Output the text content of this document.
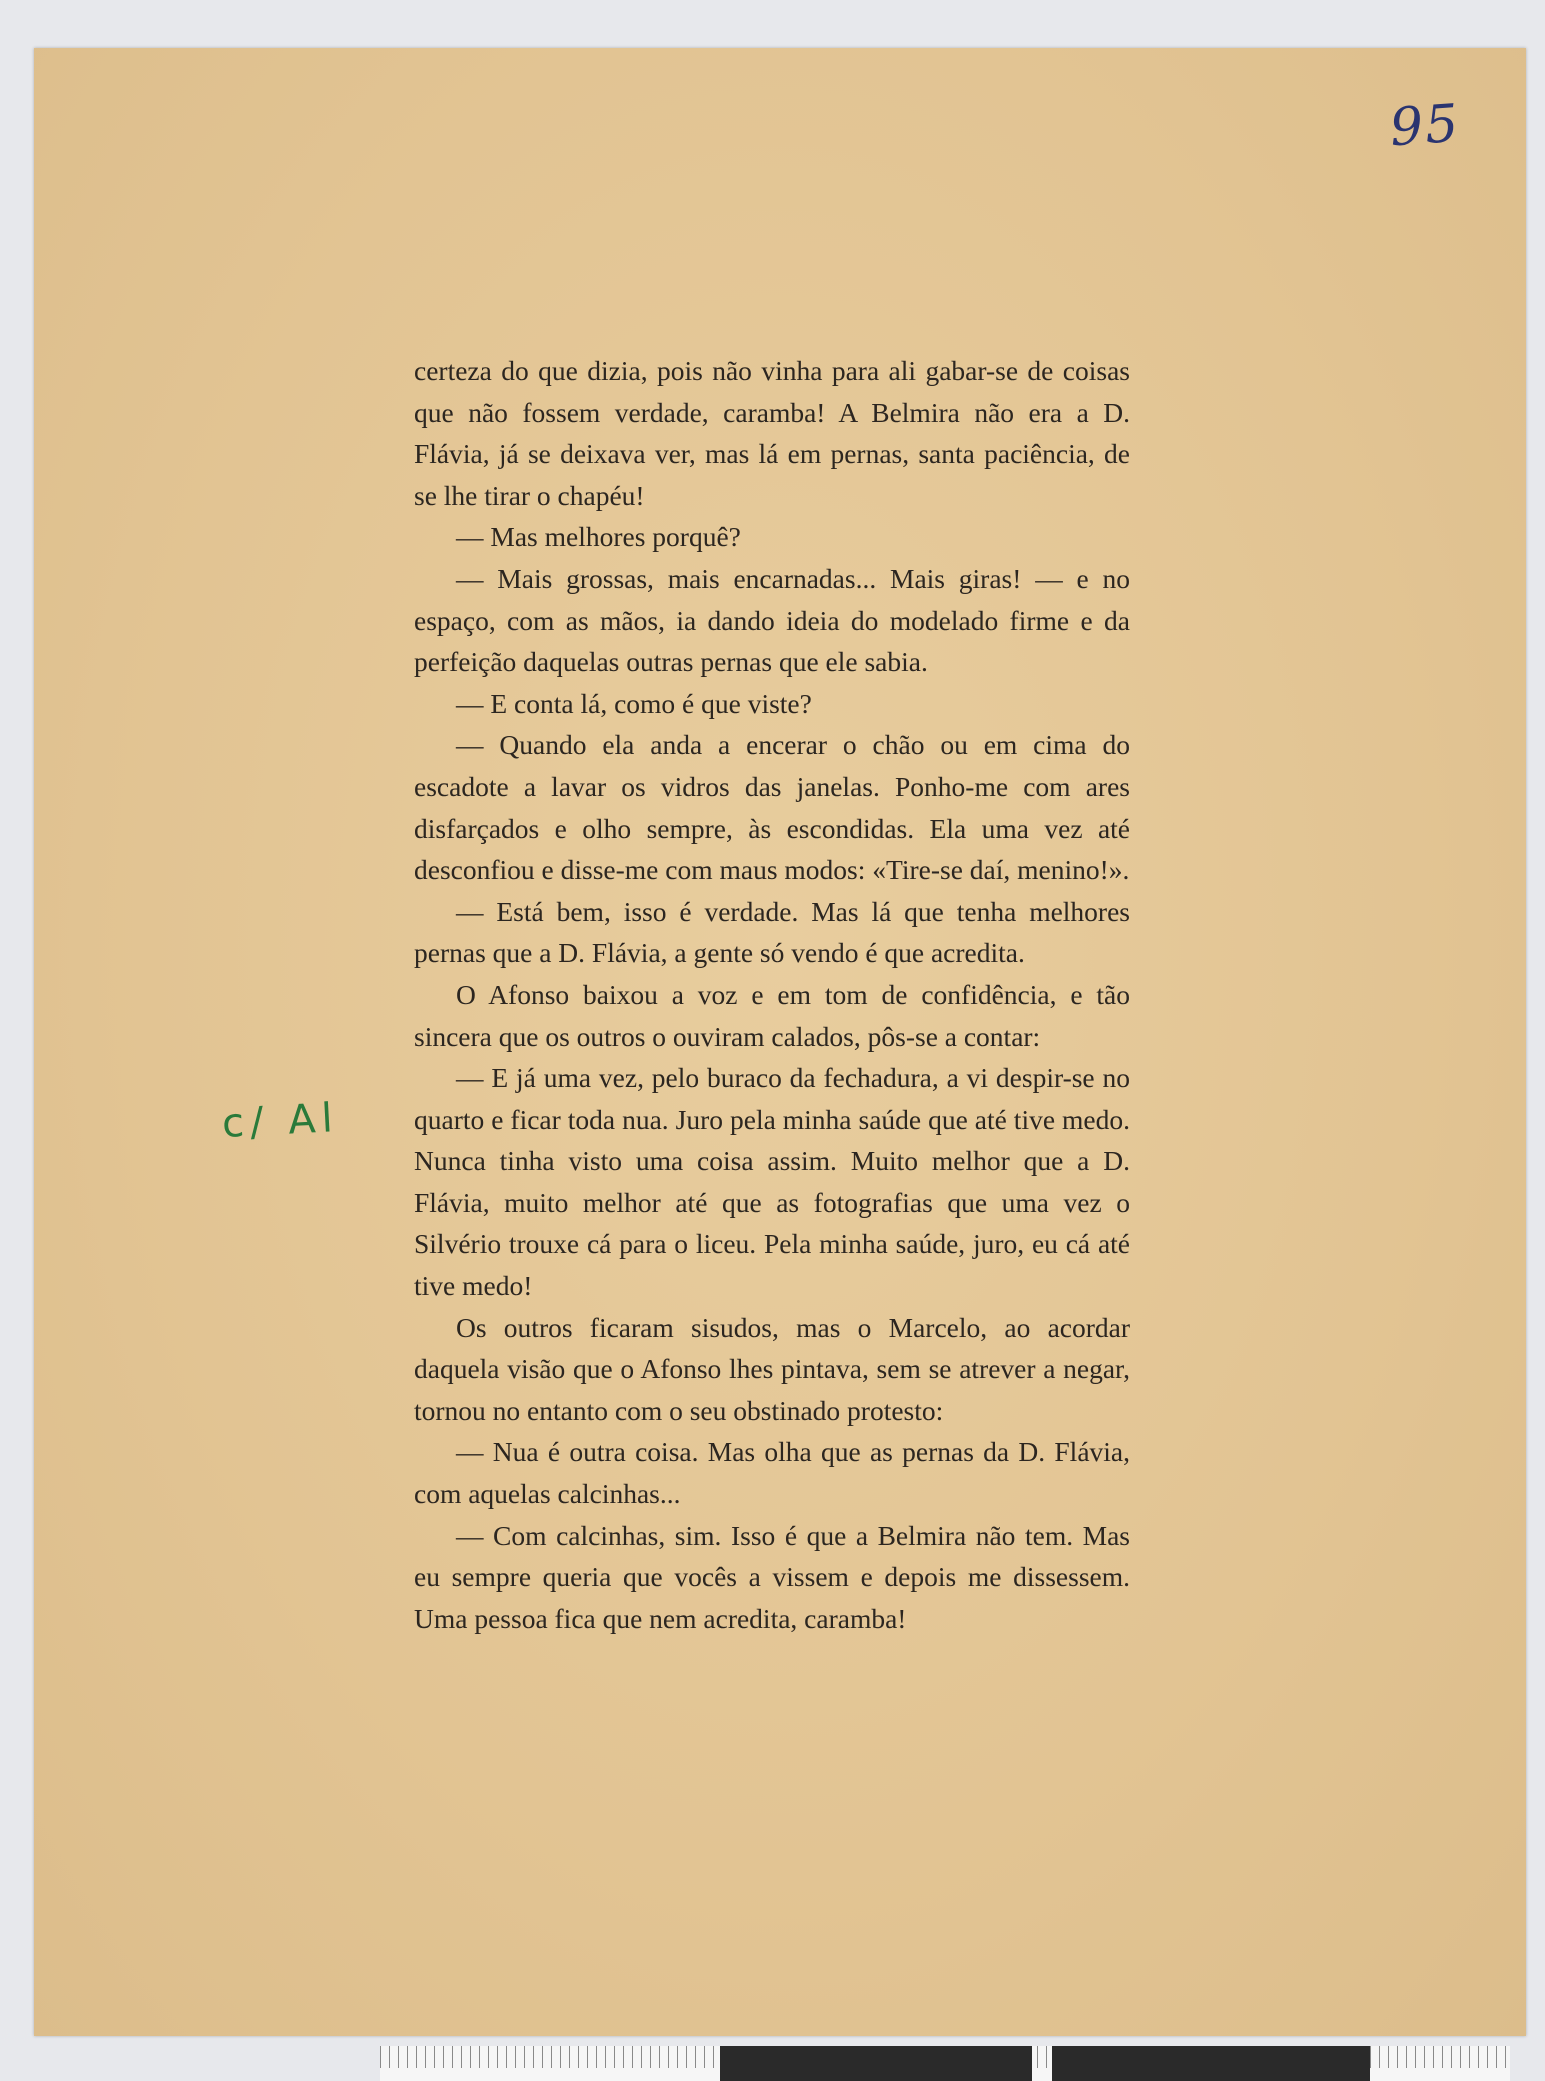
95
c/ Al

certeza do que dizia, pois não vinha para ali gabar-se de coisas que não fossem verdade, caramba! A Belmira não era a D. Flávia, já se deixava ver, mas lá em pernas, santa paciência, de se lhe tirar o chapéu!

— Mas melhores porquê?

— Mais grossas, mais encarnadas... Mais giras! — e no espaço, com as mãos, ia dando ideia do modelado firme e da perfeição daquelas outras pernas que ele sabia.

— E conta lá, como é que viste?

— Quando ela anda a encerar o chão ou em cima do escadote a lavar os vidros das janelas. Ponho-me com ares disfarçados e olho sempre, às escondidas. Ela uma vez até desconfiou e disse-me com maus modos: «Tire-se daí, menino!».

— Está bem, isso é verdade. Mas lá que tenha melhores pernas que a D. Flávia, a gente só vendo é que acredita.

O Afonso baixou a voz e em tom de confidência, e tão sincera que os outros o ouviram calados, pôs-se a contar:

— E já uma vez, pelo buraco da fechadura, a vi despir-se no quarto e ficar toda nua. Juro pela minha saúde que até tive medo. Nunca tinha visto uma coisa assim. Muito melhor que a D. Flávia, muito melhor até que as fotografias que uma vez o Silvério trouxe cá para o liceu. Pela minha saúde, juro, eu cá até tive medo!

Os outros ficaram sisudos, mas o Marcelo, ao acordar daquela visão que o Afonso lhes pintava, sem se atrever a negar, tornou no entanto com o seu obstinado protesto:

— Nua é outra coisa. Mas olha que as pernas da D. Flávia, com aquelas calcinhas...

— Com calcinhas, sim. Isso é que a Belmira não tem. Mas eu sempre queria que vocês a vissem e depois me dissessem. Uma pessoa fica que nem acredita, caramba!
